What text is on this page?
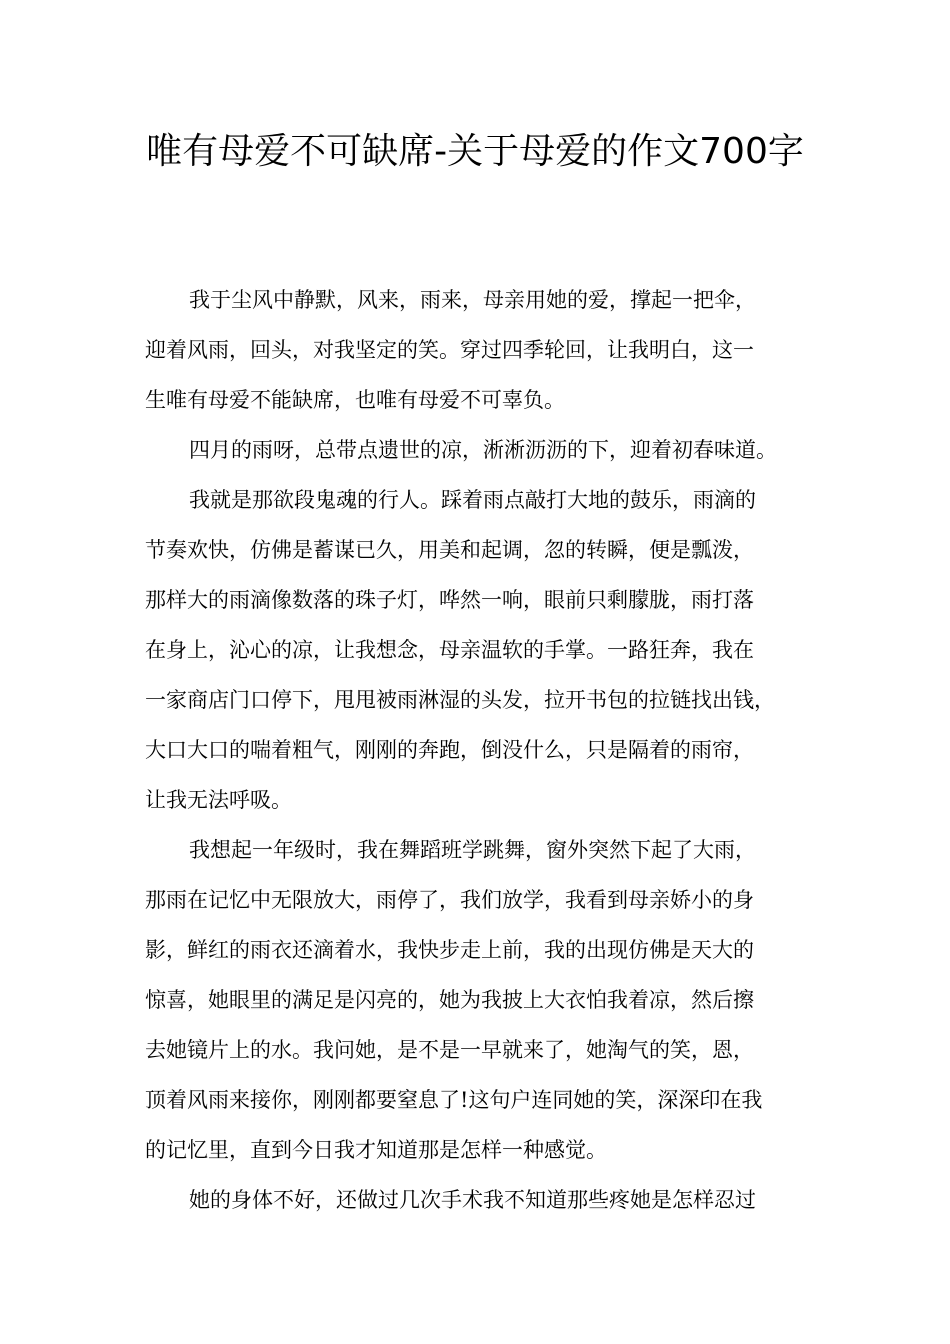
唯有母爱不可缺席-关于母爱的作文700字

我于尘风中静默，风来，雨来，母亲用她的爱，撑起一把伞，

迎着风雨，回头，对我坚定的笑。穿过四季轮回，让我明白，这一

生唯有母爱不能缺席，也唯有母爱不可辜负。

四月的雨呀，总带点遗世的凉，淅淅沥沥的下，迎着初春味道。

我就是那欲段鬼魂的行人。踩着雨点敲打大地的鼓乐，雨滴的

节奏欢快，仿佛是蓄谋已久，用美和起调，忽的转瞬，便是瓢泼，

那样大的雨滴像数落的珠子灯，哗然一响，眼前只剩朦胧，雨打落

在身上，沁心的凉，让我想念，母亲温软的手掌。一路狂奔，我在

一家商店门口停下，甩甩被雨淋湿的头发，拉开书包的拉链找出钱，

大口大口的喘着粗气，刚刚的奔跑，倒没什么，只是隔着的雨帘，

让我无法呼吸。

我想起一年级时，我在舞蹈班学跳舞，窗外突然下起了大雨，

那雨在记忆中无限放大，雨停了，我们放学，我看到母亲娇小的身

影，鲜红的雨衣还滴着水，我快步走上前，我的出现仿佛是天大的

惊喜，她眼里的满足是闪亮的，她为我披上大衣怕我着凉，然后擦

去她镜片上的水。我问她，是不是一早就来了，她淘气的笑，恩，

顶着风雨来接你，刚刚都要窒息了!这句户连同她的笑，深深印在我

的记忆里，直到今日我才知道那是怎样一种感觉。

她的身体不好，还做过几次手术我不知道那些疼她是怎样忍过
